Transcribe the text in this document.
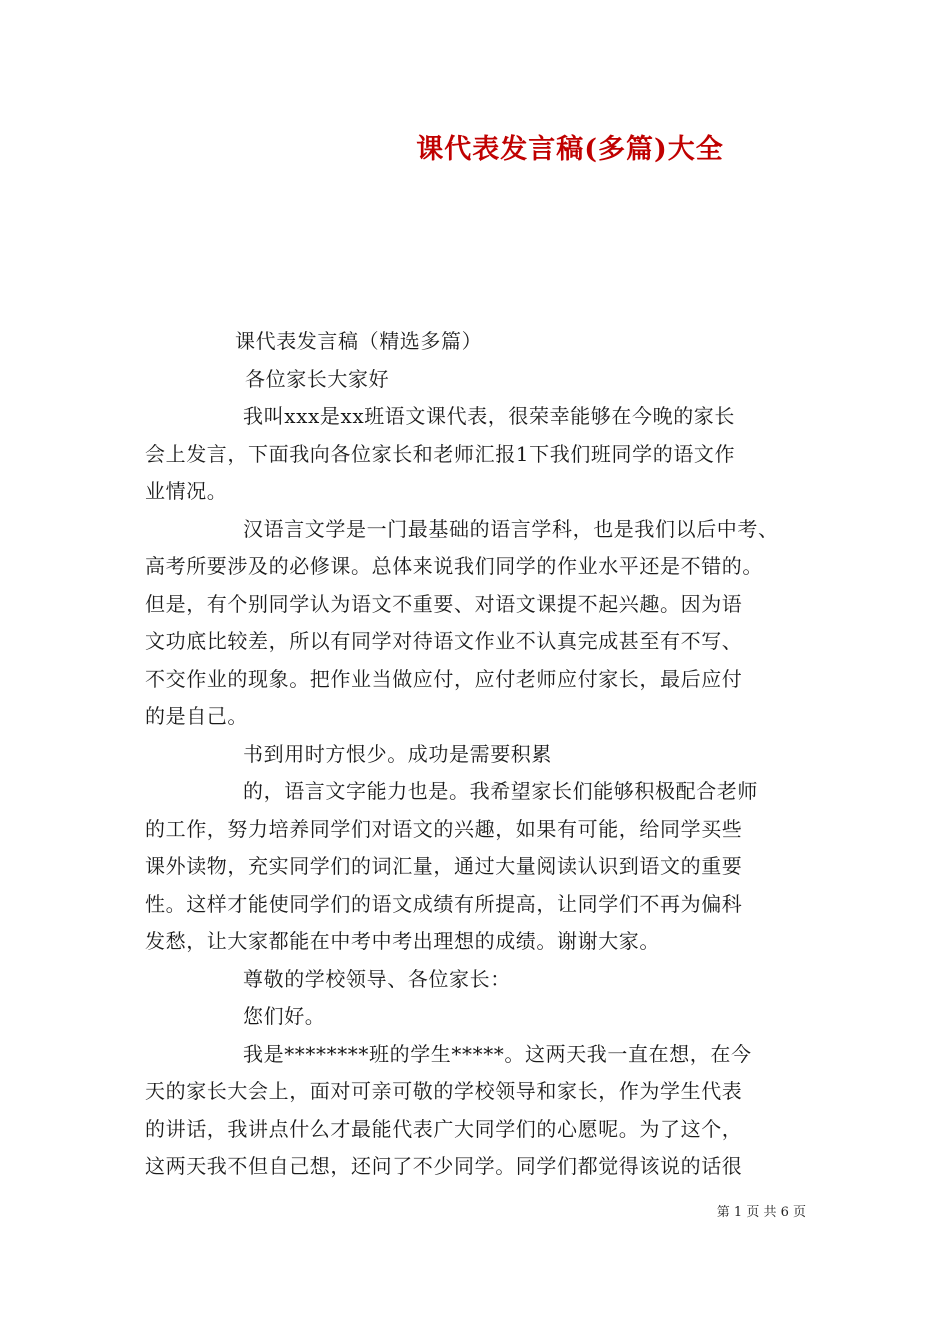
课代表发言稿(多篇)大全
课代表发言稿（精选多篇）
各位家长大家好
我叫xxx是xx班语文课代表，很荣幸能够在今晚的家长
会上发言，下面我向各位家长和老师汇报1下我们班同学的语文作
业情况。
汉语言文学是一门最基础的语言学科，也是我们以后中考、
高考所要涉及的必修课。总体来说我们同学的作业水平还是不错的。
但是，有个别同学认为语文不重要、对语文课提不起兴趣。因为语
文功底比较差，所以有同学对待语文作业不认真完成甚至有不写、
不交作业的现象。把作业当做应付，应付老师应付家长，最后应付
的是自己。
书到用时方恨少。成功是需要积累
的，语言文字能力也是。我希望家长们能够积极配合老师
的工作，努力培养同学们对语文的兴趣，如果有可能，给同学买些
课外读物，充实同学们的词汇量，通过大量阅读认识到语文的重要
性。这样才能使同学们的语文成绩有所提高，让同学们不再为偏科
发愁，让大家都能在中考中考出理想的成绩。谢谢大家。
尊敬的学校领导、各位家长：
您们好。
我是********班的学生*****。这两天我一直在想，在今
天的家长大会上，面对可亲可敬的学校领导和家长，作为学生代表
的讲话，我讲点什么才最能代表广大同学们的心愿呢。为了这个，
这两天我不但自己想，还问了不少同学。同学们都觉得该说的话很
第 1 页 共 6 页
